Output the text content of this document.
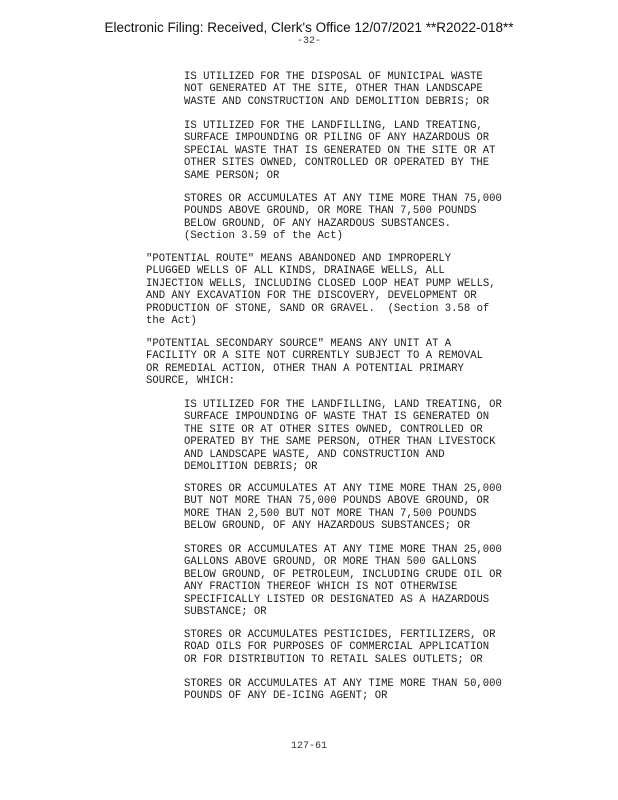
Electronic Filing: Received, Clerk's Office 12/07/2021 **R2022-018**
-32-

IS UTILIZED FOR THE DISPOSAL OF MUNICIPAL WASTE
NOT GENERATED AT THE SITE, OTHER THAN LANDSCAPE
WASTE AND CONSTRUCTION AND DEMOLITION DEBRIS; OR

IS UTILIZED FOR THE LANDFILLING, LAND TREATING,
SURFACE IMPOUNDING OR PILING OF ANY HAZARDOUS OR
SPECIAL WASTE THAT IS GENERATED ON THE SITE OR AT
OTHER SITES OWNED, CONTROLLED OR OPERATED BY THE
SAME PERSON; OR

STORES OR ACCUMULATES AT ANY TIME MORE THAN 75,000
POUNDS ABOVE GROUND, OR MORE THAN 7,500 POUNDS
BELOW GROUND, OF ANY HAZARDOUS SUBSTANCES.
(Section 3.59 of the Act)

"POTENTIAL ROUTE" MEANS ABANDONED AND IMPROPERLY
PLUGGED WELLS OF ALL KINDS, DRAINAGE WELLS, ALL
INJECTION WELLS, INCLUDING CLOSED LOOP HEAT PUMP WELLS,
AND ANY EXCAVATION FOR THE DISCOVERY, DEVELOPMENT OR
PRODUCTION OF STONE, SAND OR GRAVEL.  (Section 3.58 of
the Act)

"POTENTIAL SECONDARY SOURCE" MEANS ANY UNIT AT A
FACILITY OR A SITE NOT CURRENTLY SUBJECT TO A REMOVAL
OR REMEDIAL ACTION, OTHER THAN A POTENTIAL PRIMARY
SOURCE, WHICH:

IS UTILIZED FOR THE LANDFILLING, LAND TREATING, OR
SURFACE IMPOUNDING OF WASTE THAT IS GENERATED ON
THE SITE OR AT OTHER SITES OWNED, CONTROLLED OR
OPERATED BY THE SAME PERSON, OTHER THAN LIVESTOCK
AND LANDSCAPE WASTE, AND CONSTRUCTION AND
DEMOLITION DEBRIS; OR

STORES OR ACCUMULATES AT ANY TIME MORE THAN 25,000
BUT NOT MORE THAN 75,000 POUNDS ABOVE GROUND, OR
MORE THAN 2,500 BUT NOT MORE THAN 7,500 POUNDS
BELOW GROUND, OF ANY HAZARDOUS SUBSTANCES; OR

STORES OR ACCUMULATES AT ANY TIME MORE THAN 25,000
GALLONS ABOVE GROUND, OR MORE THAN 500 GALLONS
BELOW GROUND, OF PETROLEUM, INCLUDING CRUDE OIL OR
ANY FRACTION THEREOF WHICH IS NOT OTHERWISE
SPECIFICALLY LISTED OR DESIGNATED AS A HAZARDOUS
SUBSTANCE; OR

STORES OR ACCUMULATES PESTICIDES, FERTILIZERS, OR
ROAD OILS FOR PURPOSES OF COMMERCIAL APPLICATION
OR FOR DISTRIBUTION TO RETAIL SALES OUTLETS; OR

STORES OR ACCUMULATES AT ANY TIME MORE THAN 50,000
POUNDS OF ANY DE-ICING AGENT; OR

127-61
